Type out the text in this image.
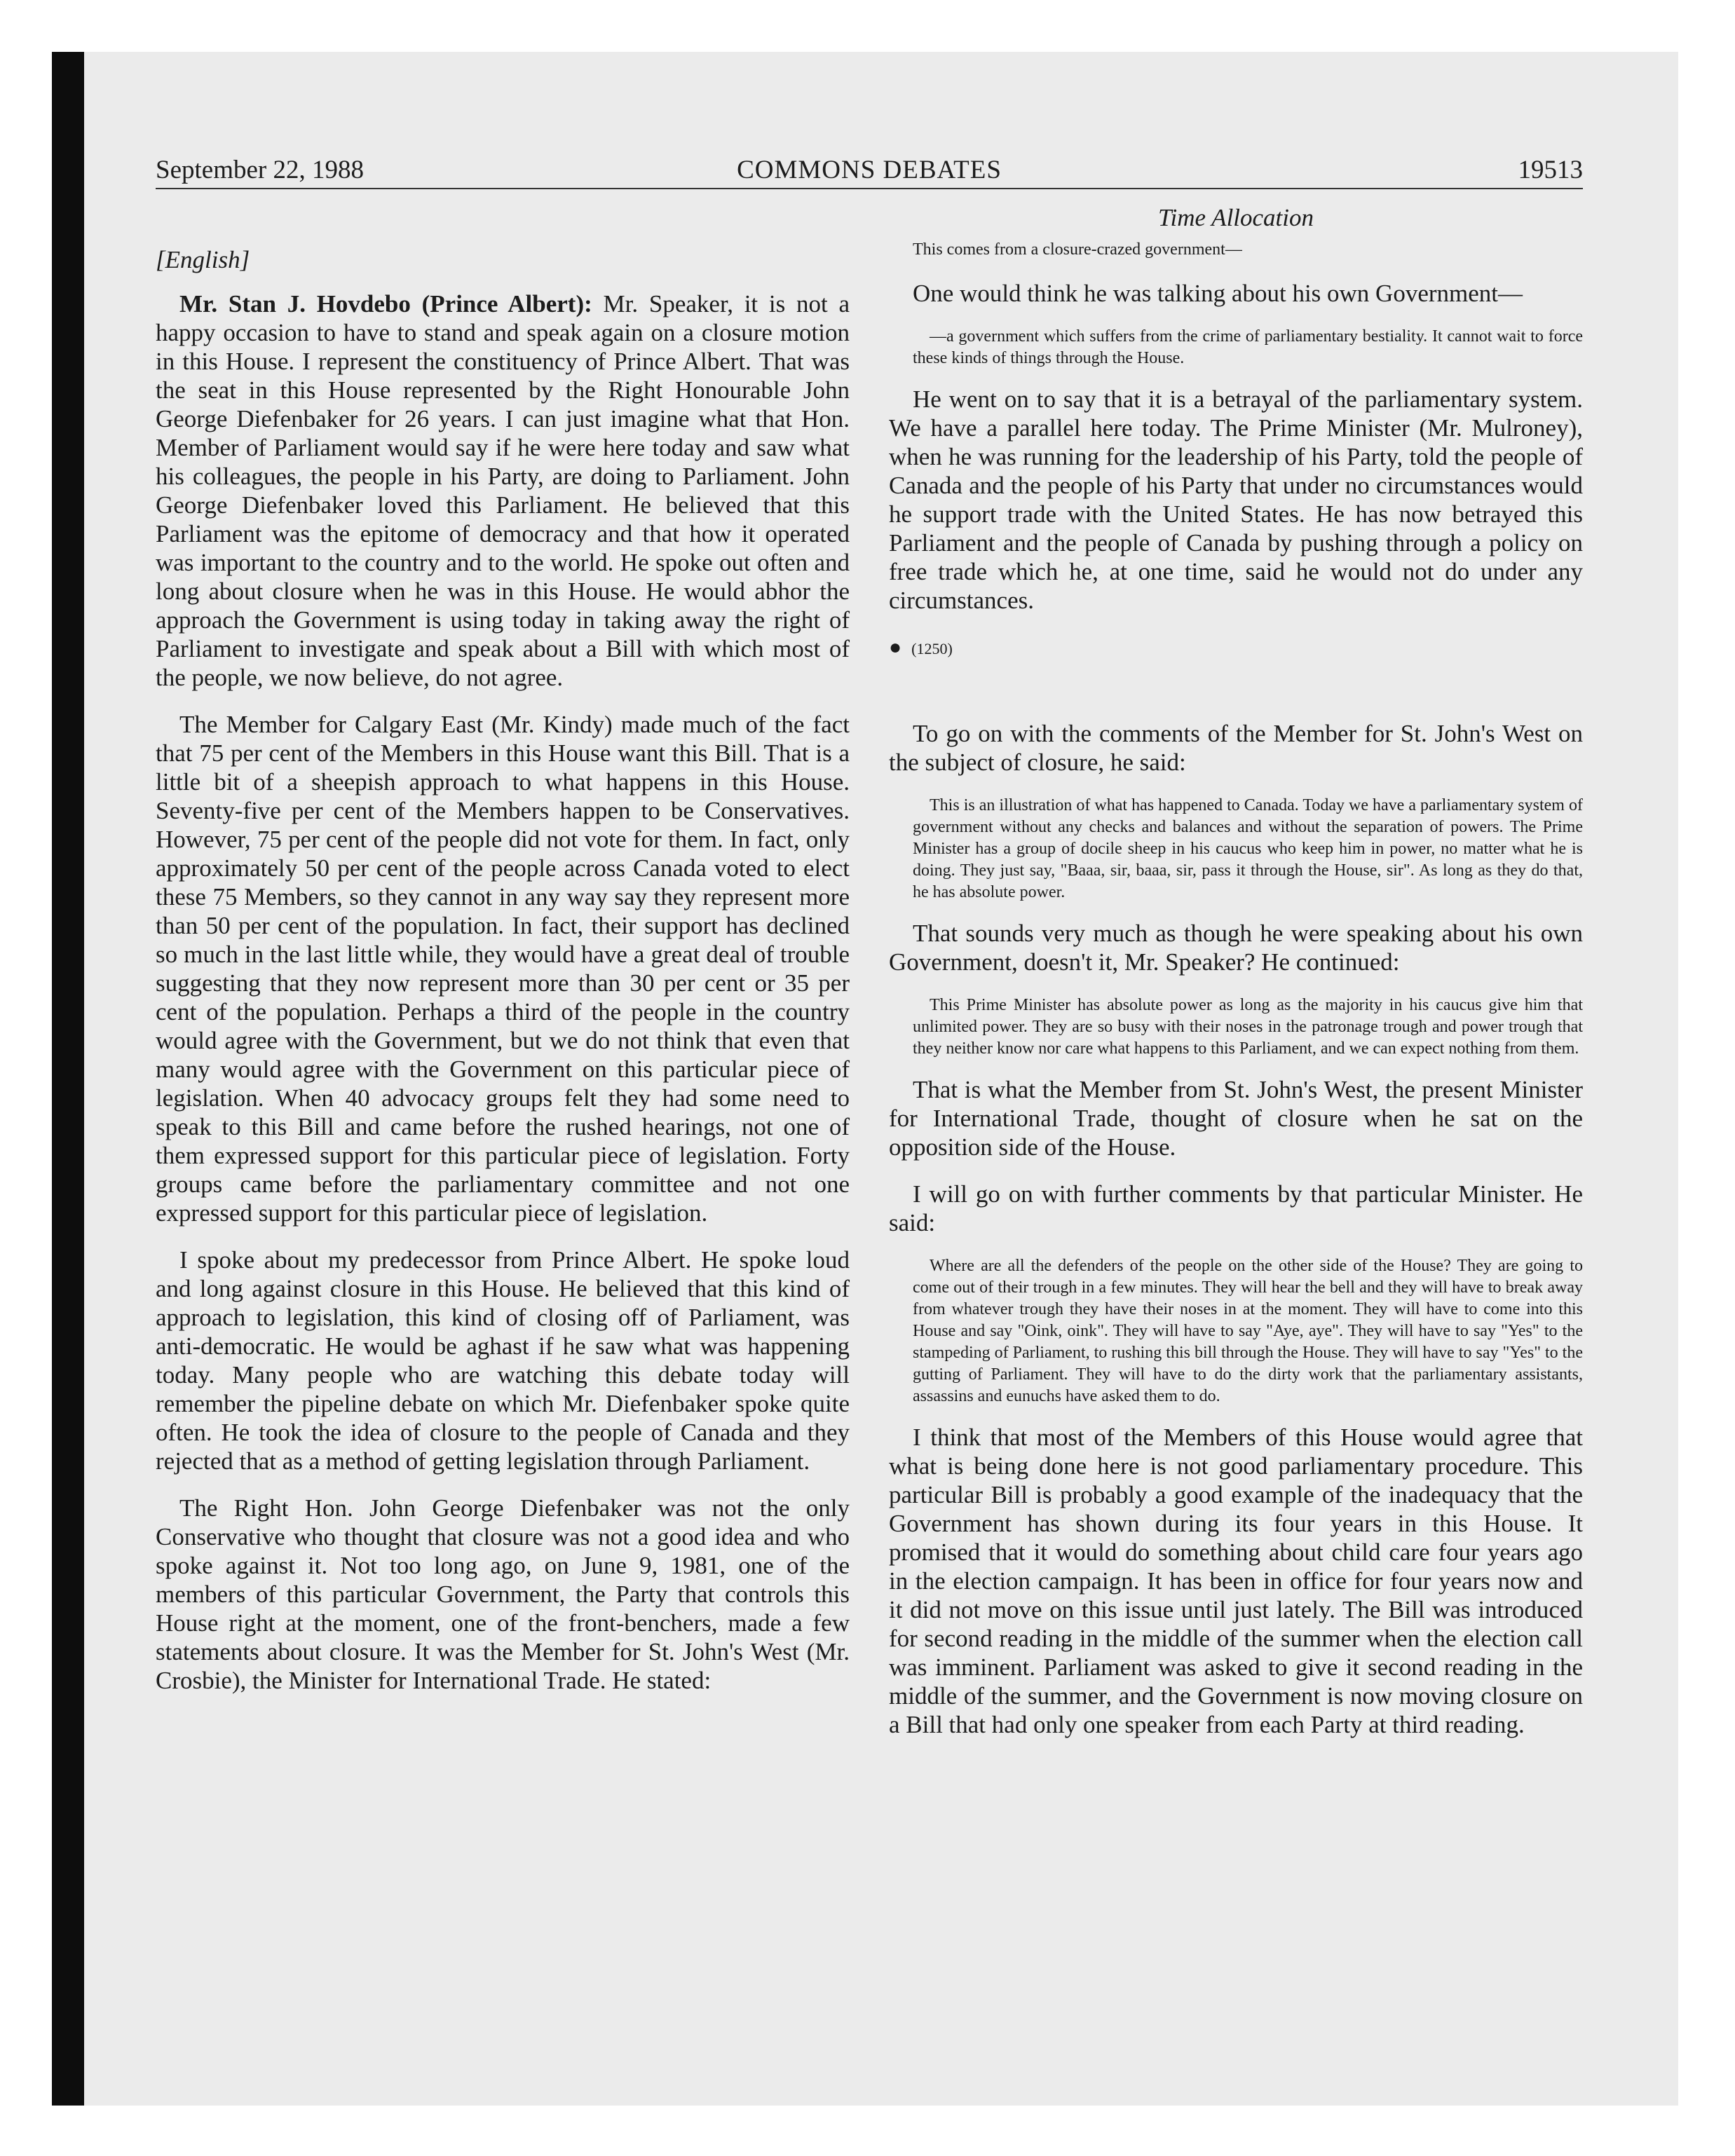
September 22, 1988	COMMONS DEBATES	19513

[English]

Mr. Stan J. Hovdebo (Prince Albert): Mr. Speaker, it is not a happy occasion to have to stand and speak again on a closure motion in this House. I represent the constituency of Prince Albert. That was the seat in this House represented by the Right Honourable John George Diefenbaker for 26 years. I can just imagine what that Hon. Member of Parliament would say if he were here today and saw what his colleagues, the people in his Party, are doing to Parliament. John George Diefenbaker loved this Parliament. He believed that this Parliament was the epitome of democracy and that how it operated was important to the country and to the world. He spoke out often and long about closure when he was in this House. He would abhor the approach the Government is using today in taking away the right of Parliament to investigate and speak about a Bill with which most of the people, we now believe, do not agree.

The Member for Calgary East (Mr. Kindy) made much of the fact that 75 per cent of the Members in this House want this Bill. That is a little bit of a sheepish approach to what happens in this House. Seventy-five per cent of the Members happen to be Conservatives. However, 75 per cent of the people did not vote for them. In fact, only approximately 50 per cent of the people across Canada voted to elect these 75 Members, so they cannot in any way say they represent more than 50 per cent of the population. In fact, their support has declined so much in the last little while, they would have a great deal of trouble suggesting that they now represent more than 30 per cent or 35 per cent of the population. Perhaps a third of the people in the country would agree with the Government, but we do not think that even that many would agree with the Government on this particular piece of legislation. When 40 advocacy groups felt they had some need to speak to this Bill and came before the rushed hearings, not one of them expressed support for this particular piece of legislation. Forty groups came before the parliamentary committee and not one expressed support for this particular piece of legislation.

I spoke about my predecessor from Prince Albert. He spoke loud and long against closure in this House. He believed that this kind of approach to legislation, this kind of closing off of Parliament, was anti-democratic. He would be aghast if he saw what was happening today. Many people who are watching this debate today will remember the pipeline debate on which Mr. Diefenbaker spoke quite often. He took the idea of closure to the people of Canada and they rejected that as a method of getting legislation through Parliament.

The Right Hon. John George Diefenbaker was not the only Conservative who thought that closure was not a good idea and who spoke against it. Not too long ago, on June 9, 1981, one of the members of this particular Government, the Party that controls this House right at the moment, one of the front-benchers, made a few statements about closure. It was the Member for St. John's West (Mr. Crosbie), the Minister for International Trade. He stated:

Time Allocation

This comes from a closure-crazed government—

One would think he was talking about his own Government—

—a government which suffers from the crime of parliamentary bestiality. It cannot wait to force these kinds of things through the House.

He went on to say that it is a betrayal of the parliamentary system. We have a parallel here today. The Prime Minister (Mr. Mulroney), when he was running for the leadership of his Party, told the people of Canada and the people of his Party that under no circumstances would he support trade with the United States. He has now betrayed this Parliament and the people of Canada by pushing through a policy on free trade which he, at one time, said he would not do under any circumstances.

● (1250)

To go on with the comments of the Member for St. John's West on the subject of closure, he said:

This is an illustration of what has happened to Canada. Today we have a parliamentary system of government without any checks and balances and without the separation of powers. The Prime Minister has a group of docile sheep in his caucus who keep him in power, no matter what he is doing. They just say, "Baaa, sir, baaa, sir, pass it through the House, sir". As long as they do that, he has absolute power.

That sounds very much as though he were speaking about his own Government, doesn't it, Mr. Speaker? He continued:

This Prime Minister has absolute power as long as the majority in his caucus give him that unlimited power. They are so busy with their noses in the patronage trough and power trough that they neither know nor care what happens to this Parliament, and we can expect nothing from them.

That is what the Member from St. John's West, the present Minister for International Trade, thought of closure when he sat on the opposition side of the House.

I will go on with further comments by that particular Minister. He said:

Where are all the defenders of the people on the other side of the House? They are going to come out of their trough in a few minutes. They will hear the bell and they will have to break away from whatever trough they have their noses in at the moment. They will have to come into this House and say "Oink, oink". They will have to say "Aye, aye". They will have to say "Yes" to the stampeding of Parliament, to rushing this bill through the House. They will have to say "Yes" to the gutting of Parliament. They will have to do the dirty work that the parliamentary assistants, assassins and eunuchs have asked them to do.

I think that most of the Members of this House would agree that what is being done here is not good parliamentary procedure. This particular Bill is probably a good example of the inadequacy that the Government has shown during its four years in this House. It promised that it would do something about child care four years ago in the election campaign. It has been in office for four years now and it did not move on this issue until just lately. The Bill was introduced for second reading in the middle of the summer when the election call was imminent. Parliament was asked to give it second reading in the middle of the summer, and the Government is now moving closure on a Bill that had only one speaker from each Party at third reading.
